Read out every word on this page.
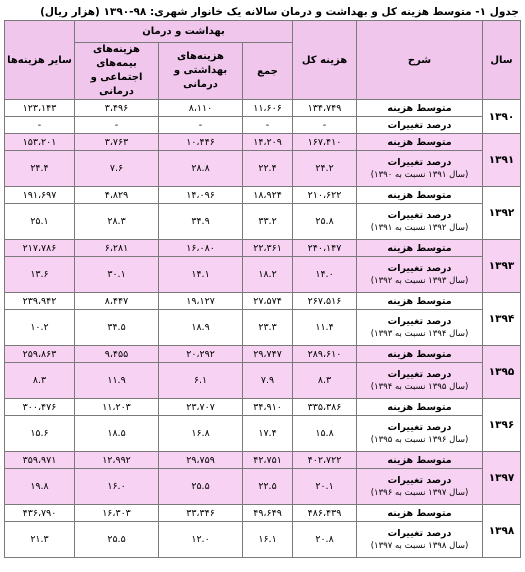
جدول ۱- متوسط هزینه کل و بهداشت و درمان سالانه یک خانوار شهری: ۹۸-۱۳۹۰ (هزار ریال)
سال	شرح	هزینه کل	بهداشت و درمان			سایر هزینه‌ها
			جمع	هزینه‌های بهداشتی و درمانی	هزینه‌های بیمه‌های اجتماعی و درمانی	
۱۳۹۰	متوسط هزینه	۱۳۴،۷۴۹	۱۱،۶۰۶	۸،۱۱۰	۳،۴۹۶	۱۲۳،۱۴۳
	درصد تغییرات	-	-	-	-	-
۱۳۹۱	متوسط هزینه	۱۶۷،۴۱۰	۱۴،۲۰۹	۱۰،۴۴۶	۳،۷۶۳	۱۵۳،۲۰۱
	درصد تغییرات
(سال ۱۳۹۱ نسبت به ۱۳۹۰)	۲۴.۲	۲۲.۴	۲۸.۸	۷.۶	۲۴.۴
۱۳۹۲	متوسط هزینه	۲۱۰،۶۲۲	۱۸،۹۲۴	۱۴،۰۹۶	۴،۸۲۹	۱۹۱،۶۹۷
	درصد تغییرات
(سال ۱۳۹۲ نسبت به ۱۳۹۱)	۲۵.۸	۳۳.۲	۳۴.۹	۲۸.۳	۲۵.۱
۱۳۹۳	متوسط هزینه	۲۴۰،۱۴۷	۲۲،۳۶۱	۱۶،۰۸۰	۶،۲۸۱	۲۱۷،۷۸۶
	درصد تغییرات
(سال ۱۳۹۳ نسبت به ۱۳۹۲)	۱۴.۰	۱۸.۲	۱۴.۱	۳۰.۱	۱۳.۶
۱۳۹۴	متوسط هزینه	۲۶۷،۵۱۶	۲۷،۵۷۴	۱۹،۱۲۷	۸،۴۴۷	۲۳۹،۹۴۲
	درصد تغییرات
(سال ۱۳۹۴ نسبت به ۱۳۹۳)	۱۱.۴	۲۳.۳	۱۸.۹	۳۴.۵	۱۰.۲
۱۳۹۵	متوسط هزینه	۲۸۹،۶۱۰	۲۹،۷۴۷	۲۰،۲۹۲	۹،۴۵۵	۲۵۹،۸۶۳
	درصد تغییرات
(سال ۱۳۹۵ نسبت به ۱۳۹۴)	۸.۳	۷.۹	۶.۱	۱۱.۹	۸.۳
۱۳۹۶	متوسط هزینه	۳۳۵،۳۸۶	۳۴،۹۱۰	۲۳،۷۰۷	۱۱،۲۰۳	۳۰۰،۴۷۶
	درصد تغییرات
(سال ۱۳۹۶ نسبت به ۱۳۹۵)	۱۵.۸	۱۷.۴	۱۶.۸	۱۸.۵	۱۵.۶
۱۳۹۷	متوسط هزینه	۴۰۲،۷۲۲	۴۲،۷۵۱	۲۹،۷۵۹	۱۲،۹۹۲	۳۵۹،۹۷۱
	درصد تغییرات
(سال ۱۳۹۷ نسبت به ۱۳۹۶)	۲۰.۱	۲۲.۵	۲۵.۵	۱۶.۰	۱۹.۸
۱۳۹۸	متوسط هزینه	۴۸۶،۴۳۹	۴۹،۶۴۹	۳۳،۳۴۶	۱۶،۳۰۳	۴۳۶،۷۹۰
	درصد تغییرات
(سال ۱۳۹۸ نسبت به ۱۳۹۷)	۲۰.۸	۱۶.۱	۱۲.۰	۲۵.۵	۲۱.۳
